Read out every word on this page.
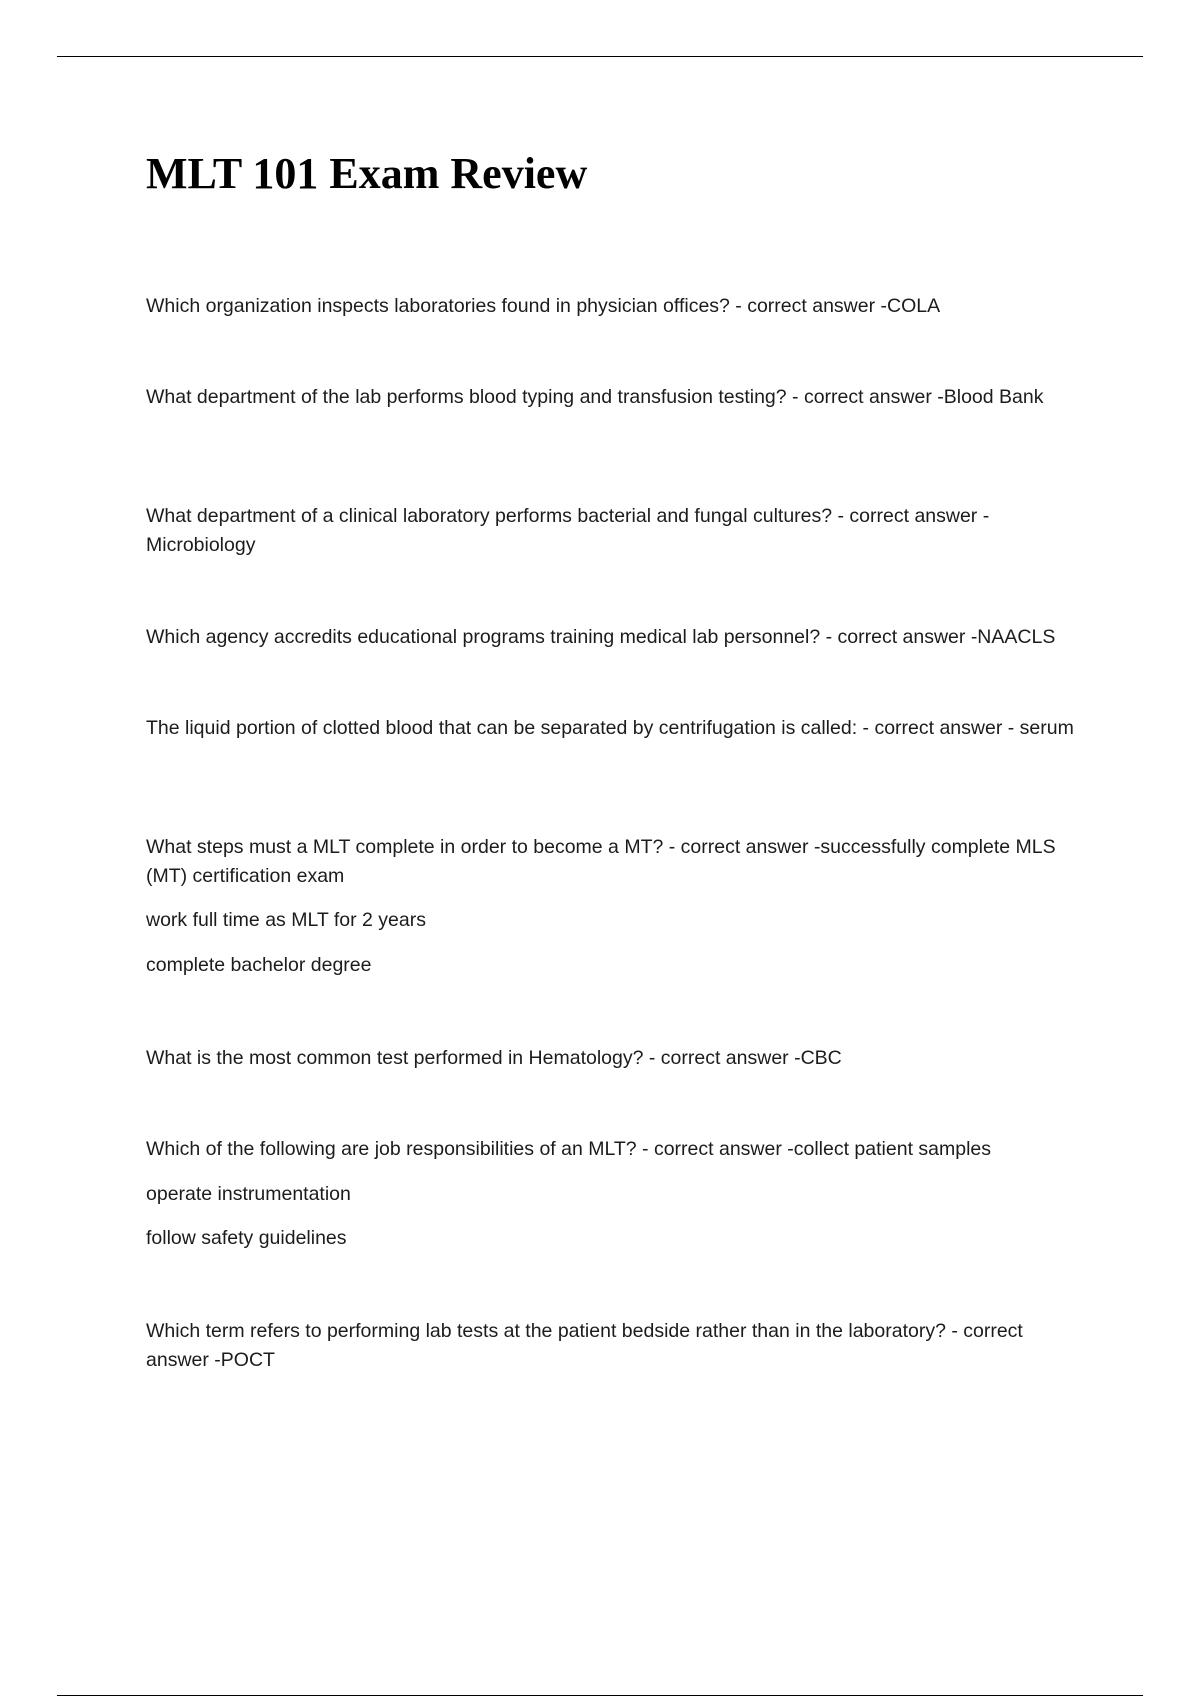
MLT 101 Exam Review

Which organization inspects laboratories found in physician offices? - correct answer -COLA

What department of the lab performs blood typing and transfusion testing? - correct answer -Blood Bank

What department of a clinical laboratory performs bacterial and fungal cultures? - correct answer - Microbiology

Which agency accredits educational programs training medical lab personnel? - correct answer -NAACLS

The liquid portion of clotted blood that can be separated by centrifugation is called: - correct answer - serum

What steps must a MLT complete in order to become a MT? - correct answer -successfully complete MLS (MT) certification exam

work full time as MLT for 2 years

complete bachelor degree

What is the most common test performed in Hematology? - correct answer -CBC

Which of the following are job responsibilities of an MLT? - correct answer -collect patient samples

operate instrumentation

follow safety guidelines

Which term refers to performing lab tests at the patient bedside rather than in the laboratory? - correct answer -POCT
